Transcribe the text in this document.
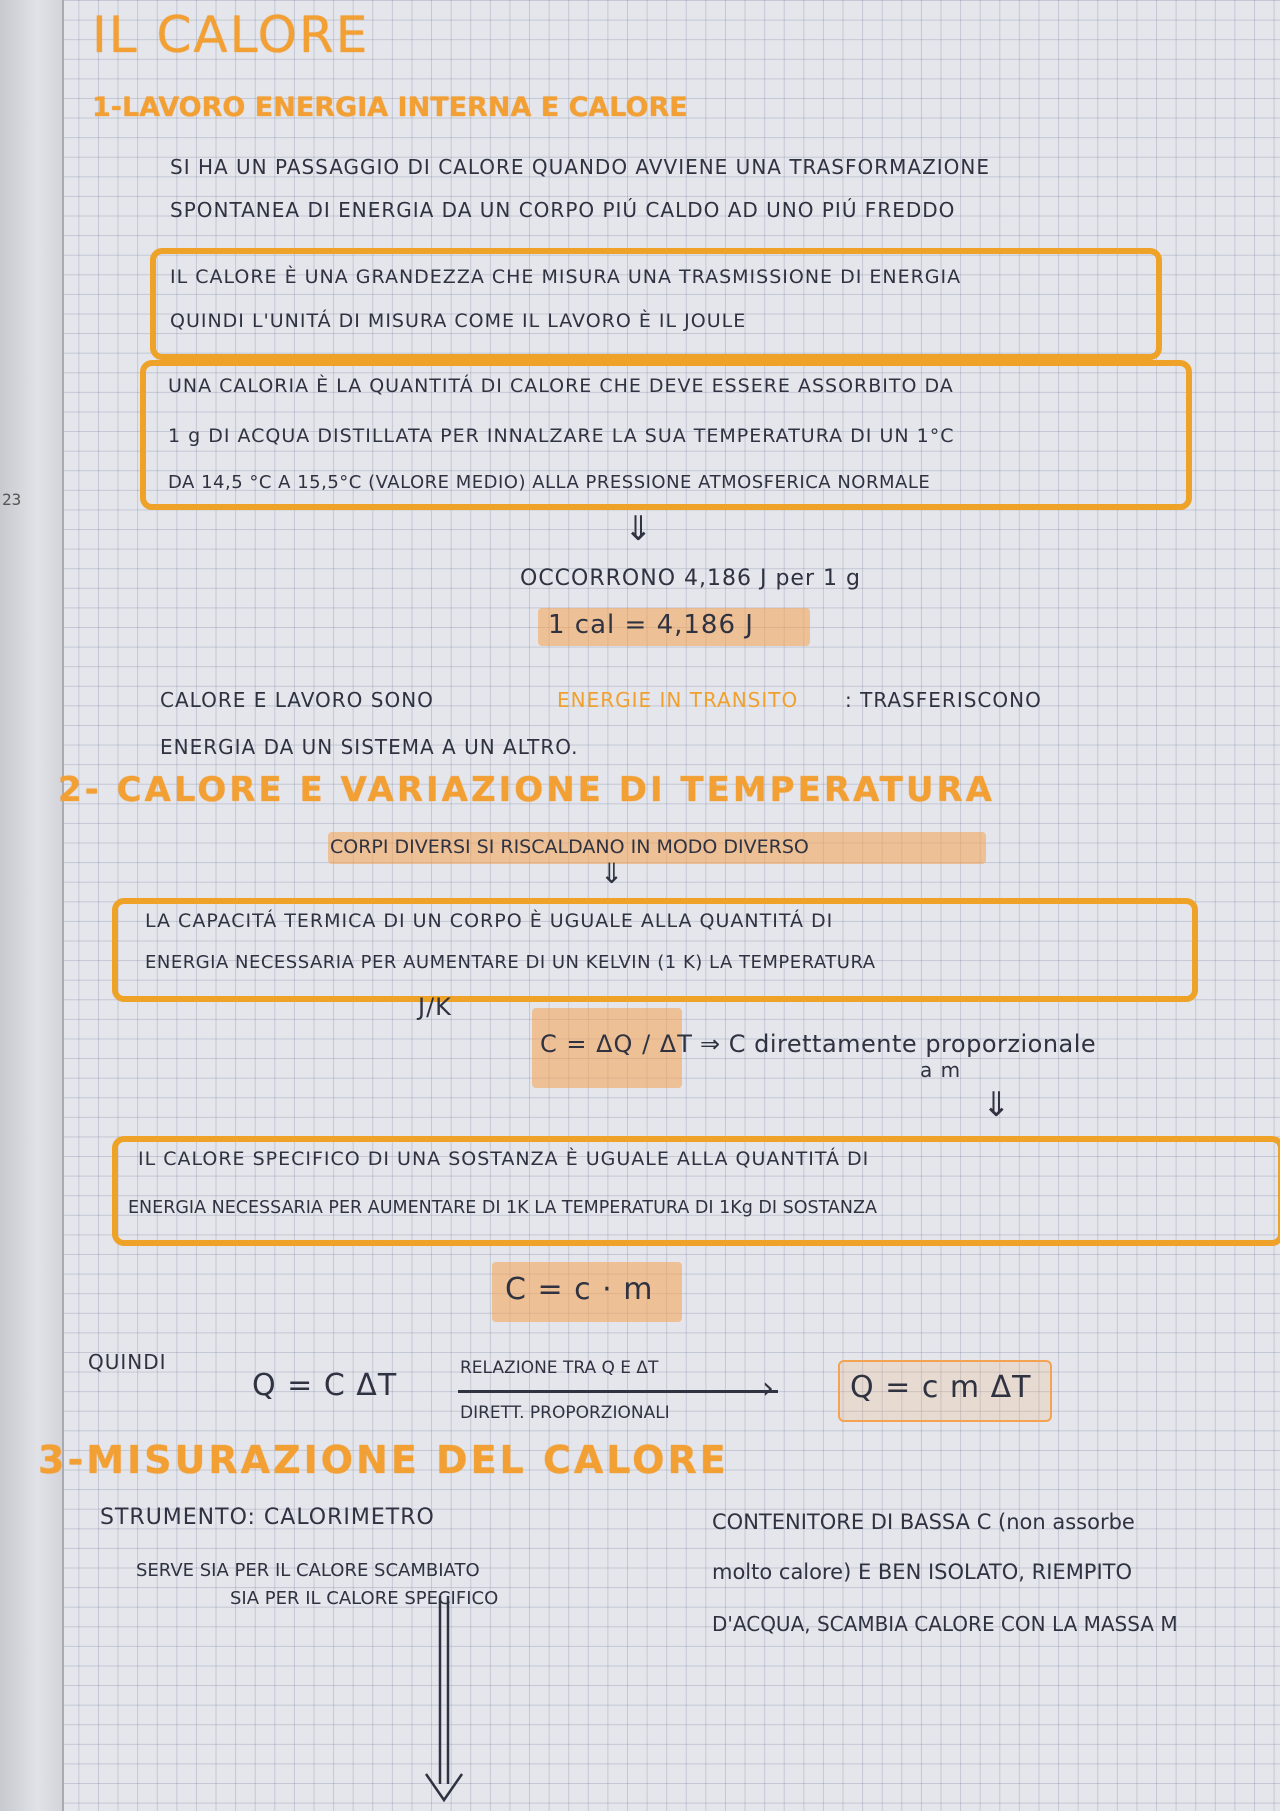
23
IL CALORE
1-LAVORO ENERGIA INTERNA E CALORE
SI HA UN PASSAGGIO DI CALORE QUANDO AVVIENE UNA TRASFORMAZIONE
SPONTANEA DI ENERGIA DA UN CORPO PIÚ CALDO AD UNO PIÚ FREDDO
IL CALORE È UNA GRANDEZZA CHE MISURA UNA TRASMISSIONE DI ENERGIA
QUINDI L'UNITÁ DI MISURA COME IL LAVORO È IL JOULE
UNA CALORIA È LA QUANTITÁ DI CALORE CHE DEVE ESSERE ASSORBITO DA
1 g DI ACQUA DISTILLATA PER INNALZARE LA SUA TEMPERATURA DI UN 1°C
DA 14,5 °C A 15,5°C (VALORE MEDIO) ALLA PRESSIONE ATMOSFERICA NORMALE
⇓
OCCORRONO 4,186 J per 1 g
1 cal = 4,186 J
CALORE E LAVORO SONO	ENERGIE IN TRANSITO : TRASFERISCONO
ENERGIA DA UN SISTEMA A UN ALTRO.
2- CALORE E VARIAZIONE DI TEMPERATURA
CORPI DIVERSI SI RISCALDANO IN MODO DIVERSO
⇓
LA CAPACITÁ TERMICA DI UN CORPO È UGUALE ALLA QUANTITÁ DI
ENERGIA NECESSARIA PER AUMENTARE DI UN KELVIN (1 K) LA TEMPERATURA
J/K
C = ΔQ / ΔT ⇒ C direttamente proporzionale
a m
⇓
IL CALORE SPECIFICO DI UNA SOSTANZA È UGUALE ALLA QUANTITÁ DI
ENERGIA NECESSARIA PER AUMENTARE DI 1K LA TEMPERATURA DI 1Kg DI SOSTANZA
C = c · m
QUINDI
Q = C ΔT	RELAZIONE TRA Q E ΔT
›
DIRETT. PROPORZIONALI
Q = c m ΔT
3-MISURAZIONE DEL CALORE
STRUMENTO: CALORIMETRO
SERVE SIA PER IL CALORE SCAMBIATO
SIA PER IL CALORE SPECIFICO
CONTENITORE DI BASSA C (non assorbe
molto calore) E BEN ISOLATO, RIEMPITO
D'ACQUA, SCAMBIA CALORE CON LA MASSA M
